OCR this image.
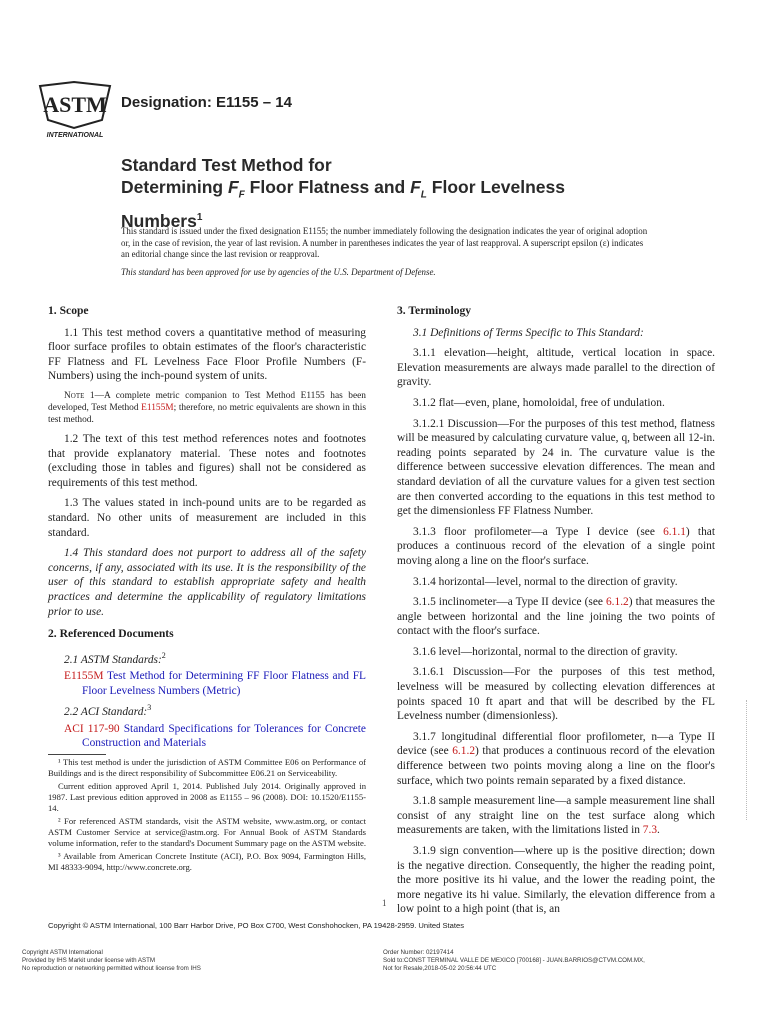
ASTM
INTERNATIONAL
Designation: E1155 – 14
Standard Test Method for
Determining $F_F$ Floor Flatness and $F_L$ Floor Levelness
Numbers$^1$

This standard is issued under the fixed designation E1155; the number immediately following the designation indicates the year of original adoption or, in the case of revision, the year of last revision. A number in parentheses indicates the year of last reapproval. A superscript epsilon (ε) indicates an editorial change since the last revision or reapproval.

This standard has been approved for use by agencies of the U.S. Department of Defense.

1. Scope

1.1 This test method covers a quantitative method of measuring floor surface profiles to obtain estimates of the floor's characteristic FF Flatness and FL Levelness Face Floor Profile Numbers (F-Numbers) using the inch-pound system of units.

Note 1—A complete metric companion to Test Method E1155 has been developed, Test Method E1155M; therefore, no metric equivalents are shown in this test method.

1.2 The text of this test method references notes and footnotes that provide explanatory material. These notes and footnotes (excluding those in tables and figures) shall not be considered as requirements of this test method.

1.3 The values stated in inch-pound units are to be regarded as standard. No other units of measurement are included in this standard.

1.4 This standard does not purport to address all of the safety concerns, if any, associated with its use. It is the responsibility of the user of this standard to establish appropriate safety and health practices and determine the applicability of regulatory limitations prior to use.

2. Referenced Documents

2.1 ASTM Standards:$^2$

E1155M Test Method for Determining FF Floor Flatness and FL Floor Levelness Numbers (Metric)

2.2 ACI Standard:$^3$

ACI 117-90 Standard Specifications for Tolerances for Concrete Construction and Materials

¹ This test method is under the jurisdiction of ASTM Committee E06 on Performance of Buildings and is the direct responsibility of Subcommittee E06.21 on Serviceability.

Current edition approved April 1, 2014. Published July 2014. Originally approved in 1987. Last previous edition approved in 2008 as E1155 – 96 (2008). DOI: 10.1520/E1155-14.

² For referenced ASTM standards, visit the ASTM website, www.astm.org, or contact ASTM Customer Service at service@astm.org. For Annual Book of ASTM Standards volume information, refer to the standard's Document Summary page on the ASTM website.

³ Available from American Concrete Institute (ACI), P.O. Box 9094, Farmington Hills, MI 48333-9094, http://www.concrete.org.

3. Terminology

3.1 Definitions of Terms Specific to This Standard:

3.1.1 elevation—height, altitude, vertical location in space. Elevation measurements are always made parallel to the direction of gravity.

3.1.2 flat—even, plane, homoloidal, free of undulation.

3.1.2.1 Discussion—For the purposes of this test method, flatness will be measured by calculating curvature value, q, between all 12-in. reading points separated by 24 in. The curvature value is the difference between successive elevation differences. The mean and standard deviation of all the curvature values for a given test section are then converted according to the equations in this test method to get the dimensionless FF Flatness Number.

3.1.3 floor profilometer—a Type I device (see 6.1.1) that produces a continuous record of the elevation of a single point moving along a line on the floor's surface.

3.1.4 horizontal—level, normal to the direction of gravity.

3.1.5 inclinometer—a Type II device (see 6.1.2) that measures the angle between horizontal and the line joining the two points of contact with the floor's surface.

3.1.6 level—horizontal, normal to the direction of gravity.

3.1.6.1 Discussion—For the purposes of this test method, levelness will be measured by collecting elevation differences at points spaced 10 ft apart and that will be described by the FL Levelness number (dimensionless).

3.1.7 longitudinal differential floor profilometer, n—a Type II device (see 6.1.2) that produces a continuous record of the elevation difference between two points moving along a line on the floor's surface, which two points remain separated by a fixed distance.

3.1.8 sample measurement line—a sample measurement line shall consist of any straight line on the test surface along which measurements are taken, with the limitations listed in 7.3.

3.1.9 sign convention—where up is the positive direction; down is the negative direction. Consequently, the higher the reading point, the more positive its hi value, and the lower the reading point, the more negative its hi value. Similarly, the elevation difference from a low point to a high point (that is, an

1
Copyright © ASTM International, 100 Barr Harbor Drive, PO Box C700, West Conshohocken, PA 19428-2959. United States
Copyright ASTM International
Provided by IHS Markit under license with ASTM
No reproduction or networking permitted without license from IHS
Order Number: 02197414
Sold to:CONST TERMINAL VALLE DE MEXICO [700168] - JUAN.BARRIOS@CTVM.COM.MX,
Not for Resale,2018-05-02 20:56:44 UTC
